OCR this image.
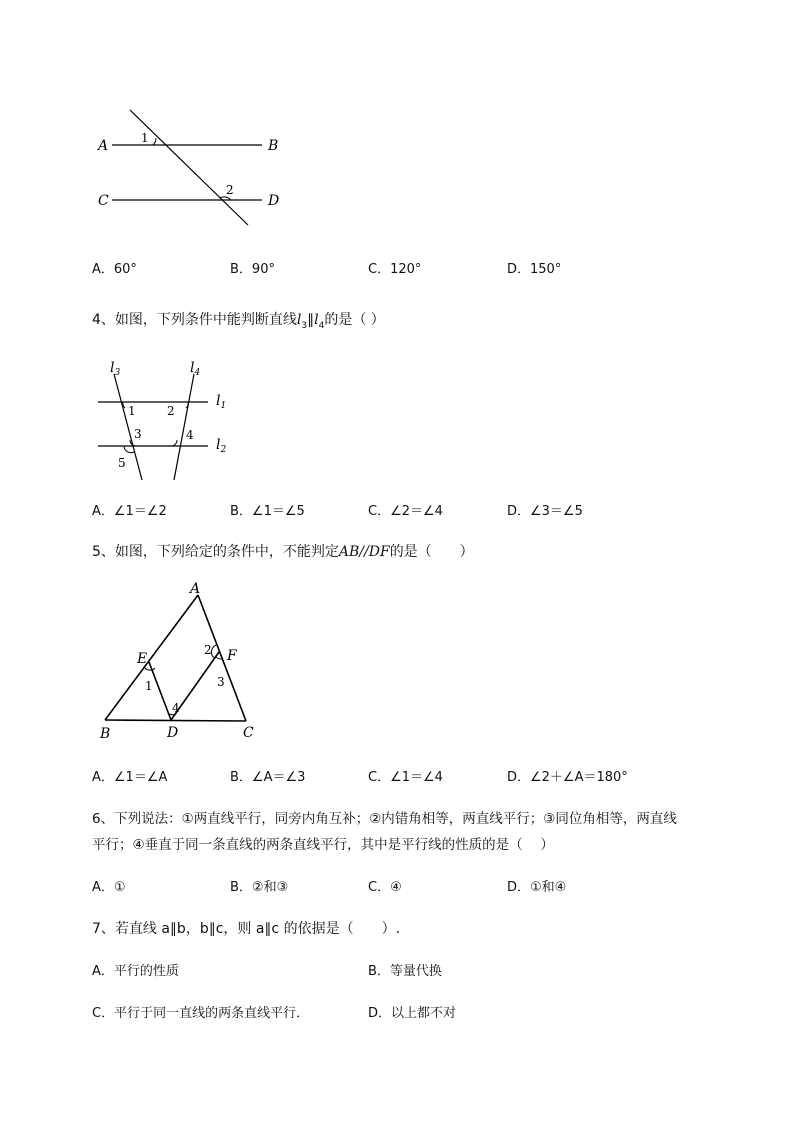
A	B
C	D
1
2
A．60°	B．90°	C．120°	D．150°
4、如图，下列条件中能判断直线$l_3\parallel l_4$的是（ ）
$l_3$	$l_4$
$l_1$
$l_2$
1	2
3	4
5
A．∠1＝∠2	B．∠1＝∠5	C．∠2＝∠4	D．∠3＝∠5
5、如图，下列给定的条件中，不能判定AB//DF的是（　　）
A
B	C
D
E	F
1
2
3
4
A．∠1＝∠A	B．∠A＝∠3	C．∠1＝∠4	D．∠2＋∠A＝180°
6、下列说法：①两直线平行，同旁内角互补；②内错角相等，两直线平行；③同位角相等，两直线
平行；④垂直于同一条直线的两条直线平行，其中是平行线的性质的是（　 ）
A．①	B．②和③	C．④	D．①和④
7、若直线 a∥b，b∥c，则 a∥c 的依据是（　　）.
A．平行的性质	B．等量代换
C．平行于同一直线的两条直线平行．	D．以上都不对
